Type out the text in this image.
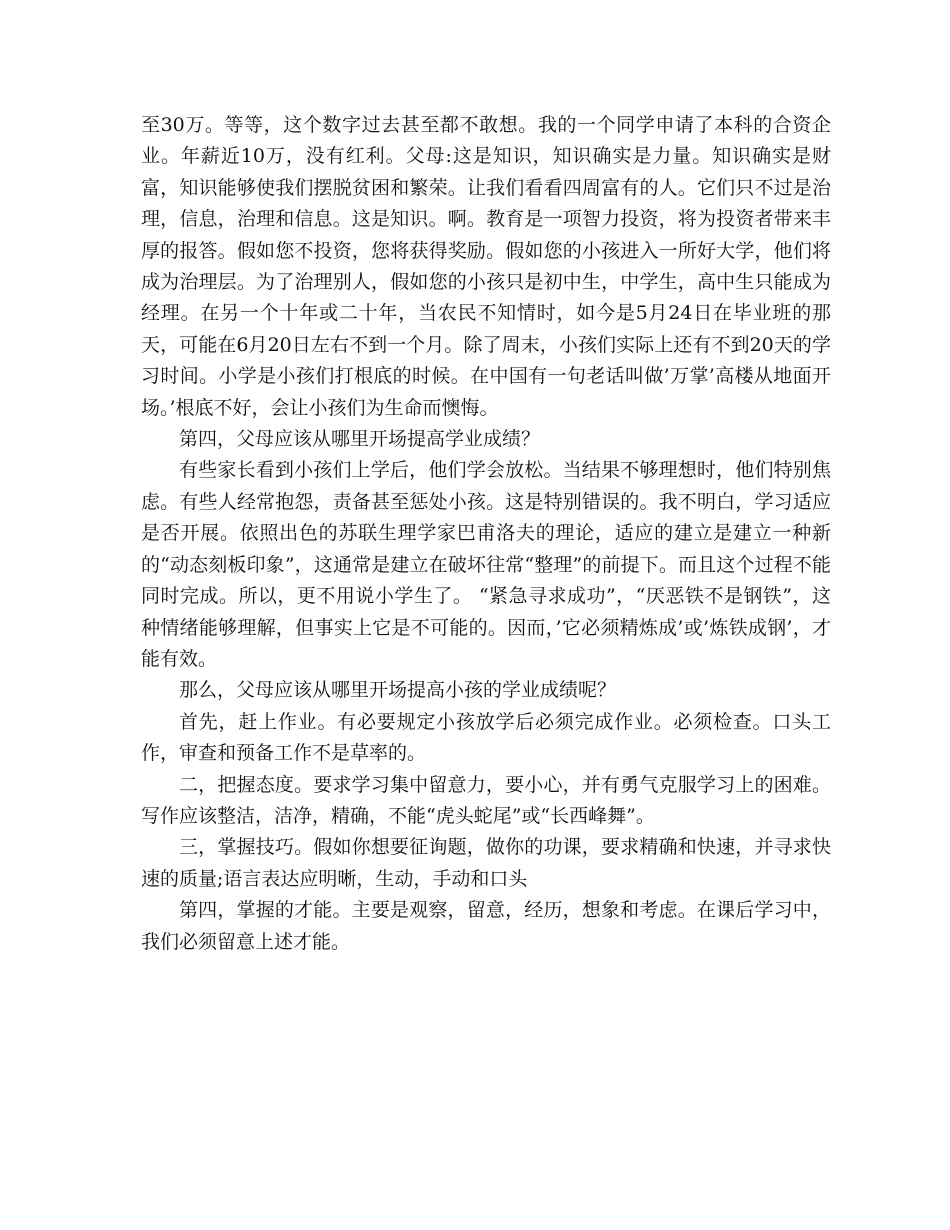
至30万。等等，这个数字过去甚至都不敢想。我的一个同学申请了本科的合资企业。年薪近10万，没有红利。父母:这是知识，知识确实是力量。知识确实是财富，知识能够使我们摆脱贫困和繁荣。让我们看看四周富有的人。它们只不过是治理，信息，治理和信息。这是知识。啊。教育是一项智力投资，将为投资者带来丰厚的报答。假如您不投资，您将获得奖励。假如您的小孩进入一所好大学，他们将成为治理层。为了治理别人，假如您的小孩只是初中生，中学生，高中生只能成为经理。在另一个十年或二十年，当农民不知情时，如今是5月24日在毕业班的那天，可能在6月20日左右不到一个月。除了周末，小孩们实际上还有不到20天的学习时间。小学是小孩们打根底的时候。在中国有一句老话叫做’万掌’高楼从地面开场。’根底不好，会让小孩们为生命而懊悔。

第四，父母应该从哪里开场提高学业成绩？

有些家长看到小孩们上学后，他们学会放松。当结果不够理想时，他们特别焦虑。有些人经常抱怨，责备甚至惩处小孩。这是特别错误的。我不明白，学习适应是否开展。依照出色的苏联生理学家巴甫洛夫的理论，适应的建立是建立一种新的“动态刻板印象”，这通常是建立在破坏往常“整理”的前提下。而且这个过程不能同时完成。所以，更不用说小学生了。 “紧急寻求成功”，“厌恶铁不是钢铁”，这种情绪能够理解，但事实上它是不可能的。因而，’它必须精炼成’或’炼铁成钢’，才能有效。

那么，父母应该从哪里开场提高小孩的学业成绩呢？

首先，赶上作业。有必要规定小孩放学后必须完成作业。必须检查。口头工作，审查和预备工作不是草率的。

二，把握态度。要求学习集中留意力，要小心，并有勇气克服学习上的困难。写作应该整洁，洁净，精确，不能“虎头蛇尾”或“长西峰舞”。

三，掌握技巧。假如你想要征询题，做你的功课，要求精确和快速，并寻求快速的质量;语言表达应明晰，生动，手动和口头

第四，掌握的才能。主要是观察，留意，经历，想象和考虑。在课后学习中，我们必须留意上述才能。
